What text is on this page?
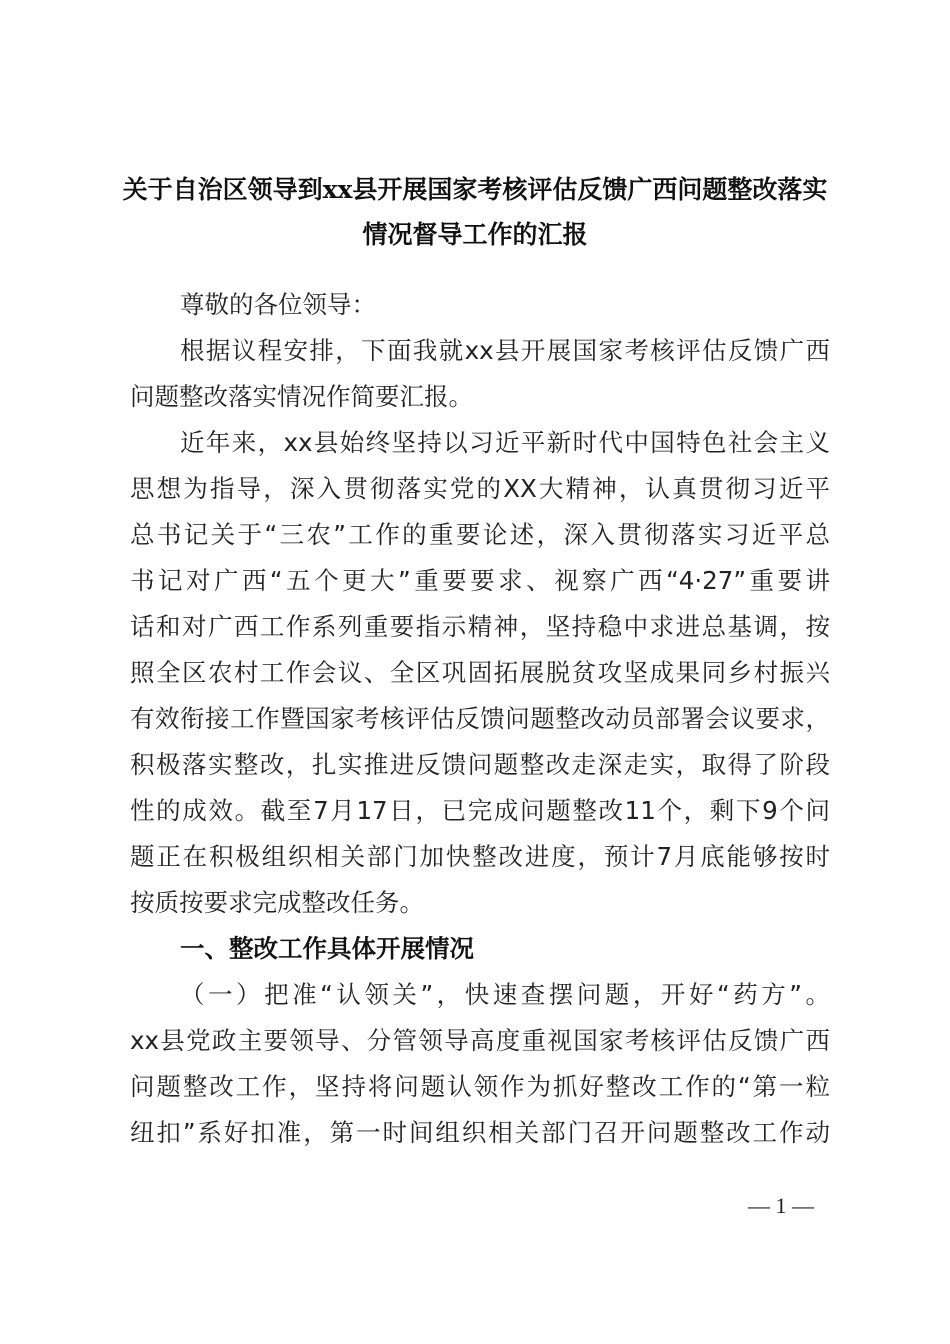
关于自治区领导到xx县开展国家考核评估反馈广西问题整改落实
情况督导工作的汇报
尊敬的各位领导：
根据议程安排，下面我就xx县开展国家考核评估反馈广西
问题整改落实情况作简要汇报。
近年来，xx县始终坚持以习近平新时代中国特色社会主义
思想为指导，深入贯彻落实党的XX大精神，认真贯彻习近平
总书记关于“三农”工作的重要论述，深入贯彻落实习近平总
书记对广西“五个更大”重要要求、视察广西“4·27”重要讲
话和对广西工作系列重要指示精神，坚持稳中求进总基调，按
照全区农村工作会议、全区巩固拓展脱贫攻坚成果同乡村振兴
有效衔接工作暨国家考核评估反馈问题整改动员部署会议要求，
积极落实整改，扎实推进反馈问题整改走深走实，取得了阶段
性的成效。截至7月17日，已完成问题整改11个，剩下9个问
题正在积极组织相关部门加快整改进度，预计7月底能够按时
按质按要求完成整改任务。
一、整改工作具体开展情况
（一）把准“认领关”，快速查摆问题，开好“药方”。
xx县党政主要领导、分管领导高度重视国家考核评估反馈广西
问题整改工作，坚持将问题认领作为抓好整改工作的“第一粒
纽扣”系好扣准，第一时间组织相关部门召开问题整改工作动
— 1 —
